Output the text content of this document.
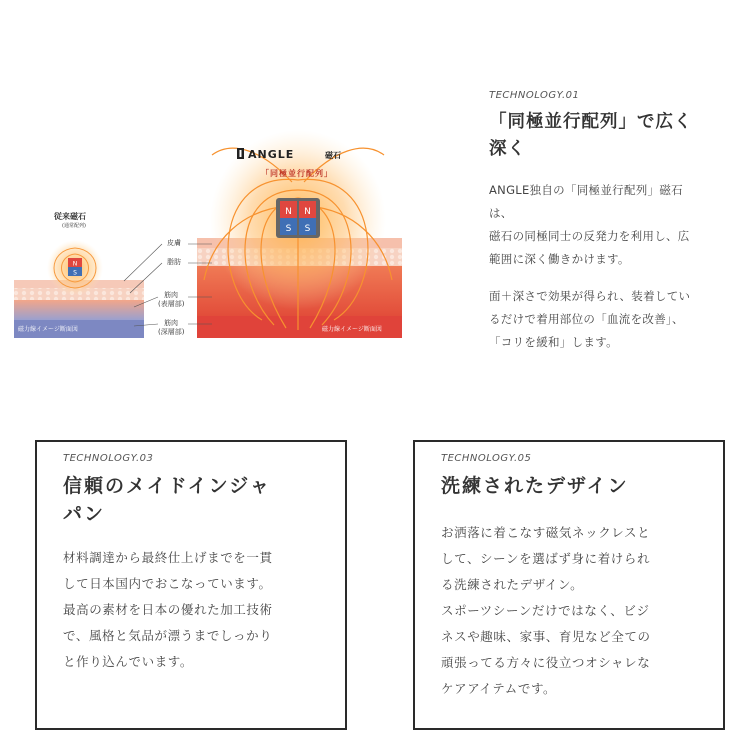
N
S
N
S
N
S
従来磁石
(通常配列)
ANGLE	磁石
「同極並行配列」
皮膚
脂肪
筋肉
(表層部)
筋肉
(深層部)
磁力線イメージ断面図	磁力線イメージ断面図
TECHNOLOGY.01
「同極並行配列」で広く
深く
ANGLE独自の「同極並行配列」磁石
は、
磁石の同極同士の反発力を利用し、広
範囲に深く働きかけます。
面＋深さで効果が得られ、装着してい
るだけで着用部位の「血流を改善」、
「コリを緩和」します。
TECHNOLOGY.03
信頼のメイドインジャ
パン
材料調達から最終仕上げまでを一貫
して日本国内でおこなっています。
最高の素材を日本の優れた加工技術
で、風格と気品が漂うまでしっかり
と作り込んでいます。
TECHNOLOGY.05
洗練されたデザイン
お洒落に着こなす磁気ネックレスと
して、シーンを選ばず身に着けられ
る洗練されたデザイン。
スポーツシーンだけではなく、ビジ
ネスや趣味、家事、育児など全ての
頑張ってる方々に役立つオシャレな
ケアアイテムです。
